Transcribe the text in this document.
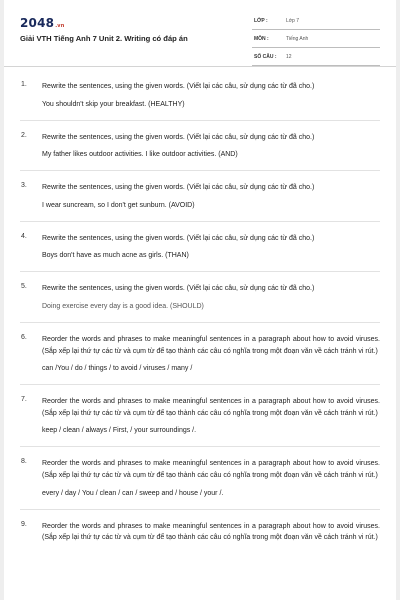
2048.vn
Giải VTH Tiếng Anh 7 Unit 2. Writing có đáp án
LỚP :	Lớp 7
MÔN :	Tiếng Anh
SỐ CÂU : 12
1. Rewrite the sentences, using the given words. (Viết lại các câu, sử dụng các từ đã cho.)
You shouldn't skip your breakfast. (HEALTHY)
2. Rewrite the sentences, using the given words. (Viết lại các câu, sử dụng các từ đã cho.)
My father likes outdoor activities. I like outdoor activities. (AND)
3. Rewrite the sentences, using the given words. (Viết lại các câu, sử dụng các từ đã cho.)
I wear suncream, so I don't get sunburn. (AVOID)
4. Rewrite the sentences, using the given words. (Viết lại các câu, sử dụng các từ đã cho.)
Boys don't have as much acne as girls. (THAN)
5. Rewrite the sentences, using the given words. (Viết lại các câu, sử dụng các từ đã cho.)
Doing exercise every day is a good idea. (SHOULD)
6. Reorder the words and phrases to make meaningful sentences in a paragraph about how to avoid viruses. (Sắp xếp lại thứ tự các từ và cụm từ để tạo thành các câu có nghĩa trong một đoạn văn về cách tránh vi rút.)
can /You / do / things / to avoid / viruses / many /
7. Reorder the words and phrases to make meaningful sentences in a paragraph about how to avoid viruses. (Sắp xếp lại thứ tự các từ và cụm từ để tạo thành các câu có nghĩa trong một đoạn văn về cách tránh vi rút.)
keep / clean / always / First, / your surroundings /.
8. Reorder the words and phrases to make meaningful sentences in a paragraph about how to avoid viruses. (Sắp xếp lại thứ tự các từ và cụm từ để tạo thành các câu có nghĩa trong một đoạn văn về cách tránh vi rút.)
every / day / You / clean / can / sweep and / house / your /.
9. Reorder the words and phrases to make meaningful sentences in a paragraph about how to avoid viruses. (Sắp xếp lại thứ tự các từ và cụm từ để tạo thành các câu có nghĩa trong một đoạn văn về cách tránh vi rút.)
